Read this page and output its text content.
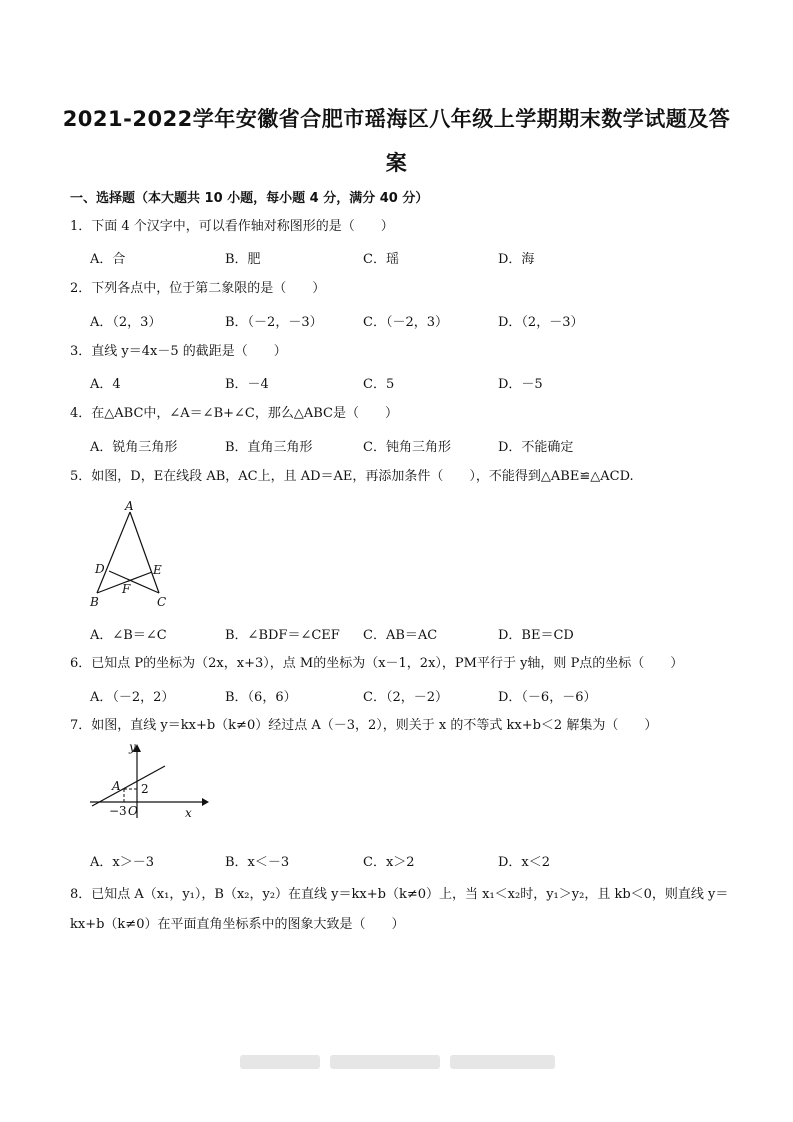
2021-2022学年安徽省合肥市瑶海区八年级上学期期末数学试题及答
案
一、选择题（本大题共 10 小题，每小题 4 分，满分 40 分）
1．下面 4 个汉字中，可以看作轴对称图形的是（　　）
A．合	B．肥	C．瑶	D．海
2．下列各点中，位于第二象限的是（　　）
A．（2，3）	B．（－2，－3）	C．（－2，3）	D．（2，－3）
3．直线 y＝4x－5 的截距是（　　）
A．4	B．－4	C．5	D．－5
4．在△ABC中，∠A＝∠B+∠C，那么△ABC是（　　）
A．锐角三角形	B．直角三角形	C．钝角三角形	D．不能确定
5．如图，D，E在线段 AB，AC上，且 AD＝AE，再添加条件（　　），不能得到△ABE≌△ACD.
A
D	E
F
B	C
A．∠B＝∠C	B．∠BDF＝∠CEF C．AB＝AC	D．BE＝CD
6．已知点 P的坐标为（2x，x+3），点 M的坐标为（x－1，2x），PM平行于 y轴，则 P点的坐标（　　）
A．（－2，2）	B．（6，6）	C．（2，－2）	D．（－6，－6）
7．如图，直线 y＝kx+b（k≠0）经过点 A（－3，2），则关于 x 的不等式 kx+b＜2 解集为（　　）
y
A 2
−3 O	x
A．x＞－3	B．x＜－3	C．x＞2	D．x＜2
8．已知点 A（x₁，y₁），B（x₂，y₂）在直线 y＝kx+b（k≠0）上，当 x₁＜x₂时，y₁＞y₂，且 kb＜0，则直线 y＝kx+b（k≠0）在平面直角坐标系中的图象大致是（　　）
